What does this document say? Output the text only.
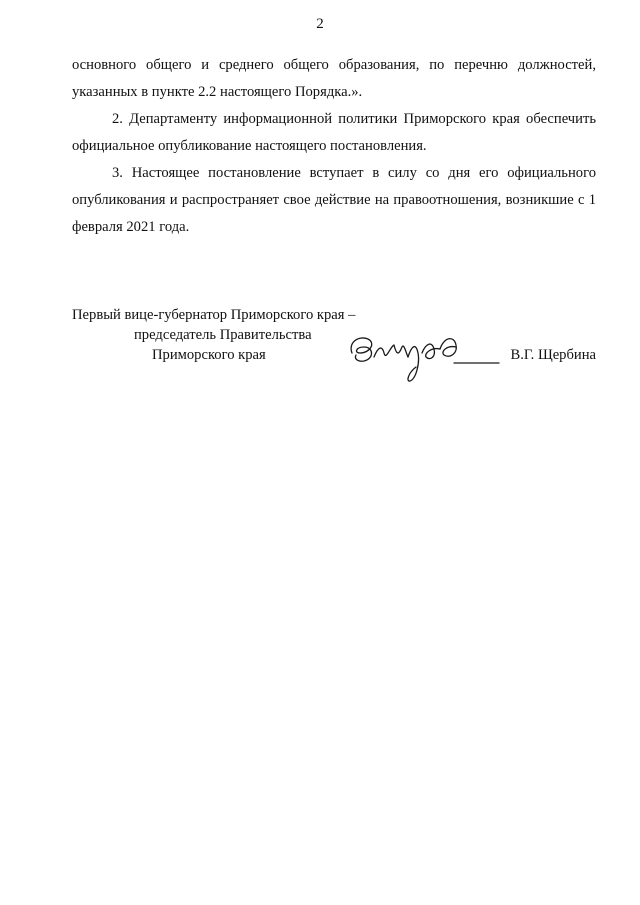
2

основного общего и среднего общего образования, по перечню должностей, указанных в пункте 2.2 настоящего Порядка.».

2. Департаменту информационной политики Приморского края обеспечить официальное опубликование настоящего постановления.

3. Настоящее постановление вступает в силу со дня его официального опубликования и распространяет свое действие на правоотношения, возникшие с 1 февраля 2021 года.

Первый вице-губернатор Приморского края –
председатель Правительства
Приморского края	В.Г. Щербина
